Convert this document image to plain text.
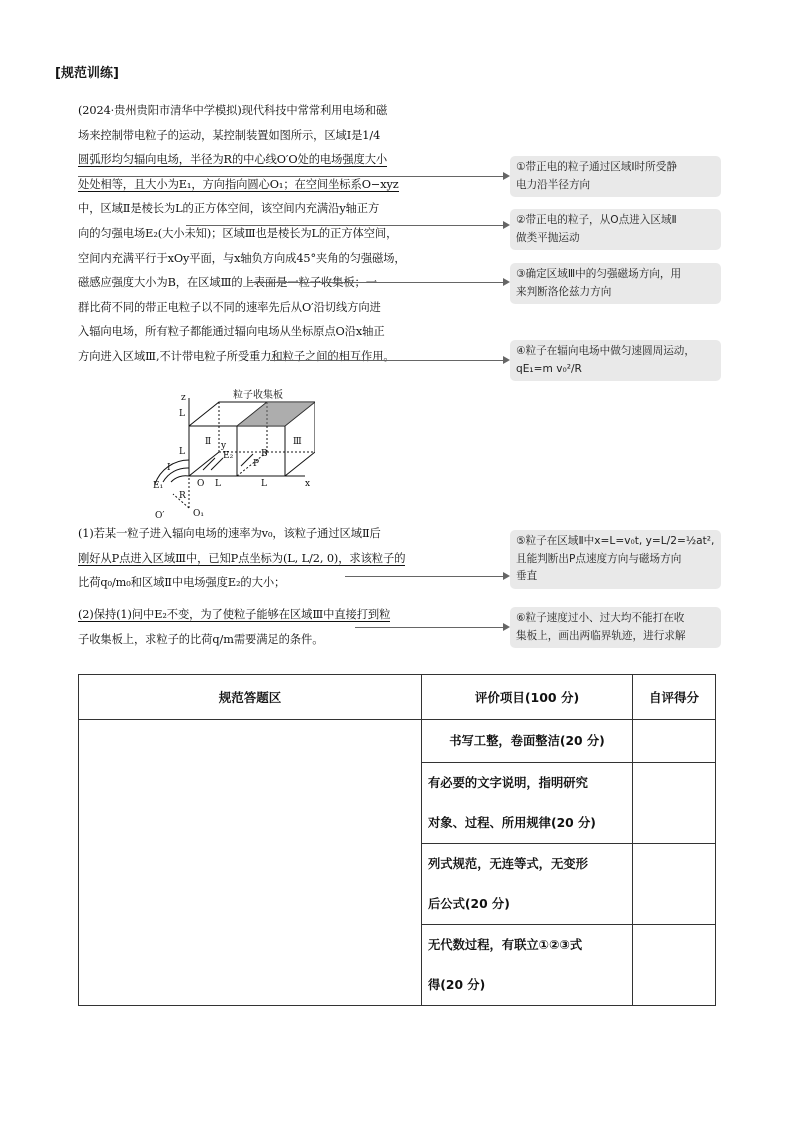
[规范训练]
(2024·贵州贵阳市清华中学模拟)现代科技中常常利用电场和磁
场来控制带电粒子的运动，某控制装置如图所示，区域Ⅰ是1/4
圆弧形均匀辐向电场，半径为R的中心线O′O处的电场强度大小
处处相等，且大小为E₁，方向指向圆心O₁；在空间坐标系O−xyz
中，区域Ⅱ是棱长为L的正方体空间，该空间内充满沿y轴正方
向的匀强电场E₂(大小未知)；区域Ⅲ也是棱长为L的正方体空间，
空间内充满平行于xOy平面，与x轴负方向成45°夹角的匀强磁场，
磁感应强度大小为B，在区域Ⅲ的上表面是一粒子收集板；一
群比荷不同的带正电粒子以不同的速率先后从O′沿切线方向进
入辐向电场，所有粒子都能通过辐向电场从坐标原点O沿x轴正
方向进入区域Ⅲ,不计带电粒子所受重力和粒子之间的相互作用。
z
L
Ⅱ	Ⅲ
L
y
E₂	B
P
Ⅰ
E₁	O L	L	x
R
O′	O₁
粒子收集板
(1)若某一粒子进入辐向电场的速率为v₀，该粒子通过区域Ⅱ后
刚好从P点进入区域Ⅲ中，已知P点坐标为(L, L/2, 0)，求该粒子的
比荷q₀/m₀和区域Ⅱ中电场强度E₂的大小；
(2)保持(1)问中E₂不变，为了使粒子能够在区域Ⅲ中直接打到粒
子收集板上，求粒子的比荷q/m需要满足的条件。
①带正电的粒子通过区域Ⅰ时所受静
电力沿半径方向
②带正电的粒子，从O点进入区域Ⅱ
做类平抛运动
③确定区域Ⅲ中的匀强磁场方向，用
来判断洛伦兹力方向
④粒子在辐向电场中做匀速圆周运动，
qE₁=m v₀²/R
⑤粒子在区域Ⅱ中x=L=v₀t, y=L/2=½at²,
且能判断出P点速度方向与磁场方向
垂直
⑥粒子速度过小、过大均不能打在收
集板上，画出两临界轨迹，进行求解
规范答题区	评价项目(100 分)	自评得分
	书写工整，卷面整洁(20 分)	

	有必要的文字说明，指明研究
对象、过程、所用规律(20 分)	

	列式规范，无连等式，无变形
后公式(20 分)	

	无代数过程，有联立①②③式
得(20 分)	
